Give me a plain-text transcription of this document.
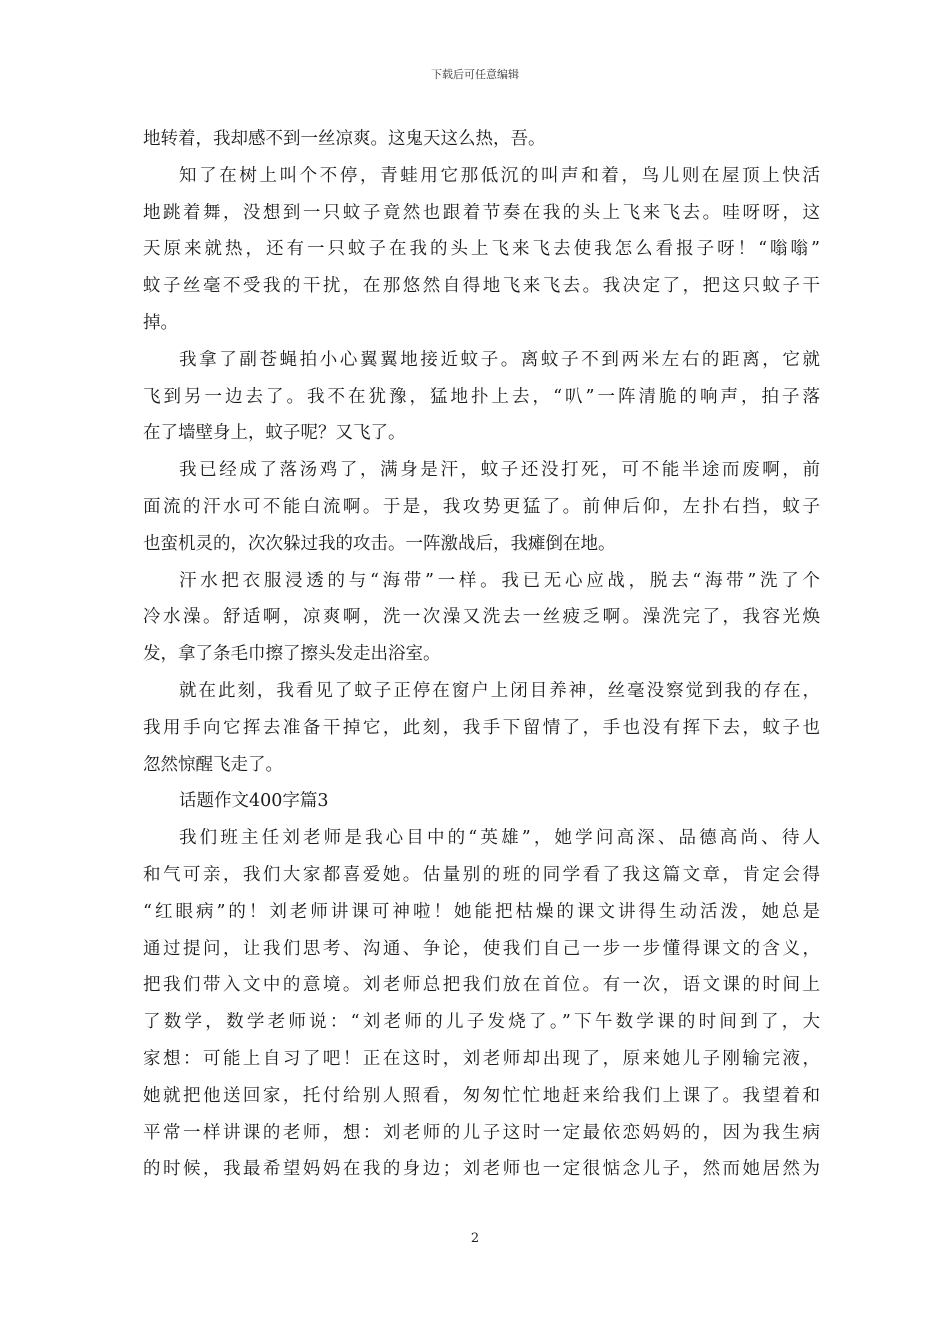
下载后可任意编辑
地转着，我却感不到一丝凉爽。这鬼天这么热，吾。
知了在树上叫个不停，青蛙用它那低沉的叫声和着，鸟儿则在屋顶上快活
地跳着舞，没想到一只蚊子竟然也跟着节奏在我的头上飞来飞去。哇呀呀，这
天原来就热，还有一只蚊子在我的头上飞来飞去使我怎么看报子呀！“嗡嗡”
蚊子丝毫不受我的干扰，在那悠然自得地飞来飞去。我决定了，把这只蚊子干
掉。
我拿了副苍蝇拍小心翼翼地接近蚊子。离蚊子不到两米左右的距离，它就
飞到另一边去了。我不在犹豫，猛地扑上去，“叭”一阵清脆的响声，拍子落
在了墙壁身上，蚊子呢？又飞了。
我已经成了落汤鸡了，满身是汗，蚊子还没打死，可不能半途而废啊，前
面流的汗水可不能白流啊。于是，我攻势更猛了。前伸后仰，左扑右挡，蚊子
也蛮机灵的，次次躲过我的攻击。一阵激战后，我瘫倒在地。
汗水把衣服浸透的与“海带”一样。我已无心应战，脱去“海带”洗了个
冷水澡。舒适啊，凉爽啊，洗一次澡又洗去一丝疲乏啊。澡洗完了，我容光焕
发，拿了条毛巾擦了擦头发走出浴室。
就在此刻，我看见了蚊子正停在窗户上闭目养神，丝毫没察觉到我的存在，
我用手向它挥去准备干掉它，此刻，我手下留情了，手也没有挥下去，蚊子也
忽然惊醒飞走了。
话题作文400字篇3
我们班主任刘老师是我心目中的“英雄”，她学问高深、品德高尚、待人
和气可亲，我们大家都喜爱她。估量别的班的同学看了我这篇文章，肯定会得
“红眼病”的！刘老师讲课可神啦！她能把枯燥的课文讲得生动活泼，她总是
通过提问，让我们思考、沟通、争论，使我们自己一步一步懂得课文的含义，
把我们带入文中的意境。刘老师总把我们放在首位。有一次，语文课的时间上
了数学，数学老师说：“刘老师的儿子发烧了。”下午数学课的时间到了，大
家想：可能上自习了吧！正在这时，刘老师却出现了，原来她儿子刚输完液，
她就把他送回家，托付给别人照看，匆匆忙忙地赶来给我们上课了。我望着和
平常一样讲课的老师，想：刘老师的儿子这时一定最依恋妈妈的，因为我生病
的时候，我最希望妈妈在我的身边；刘老师也一定很惦念儿子，然而她居然为
2
